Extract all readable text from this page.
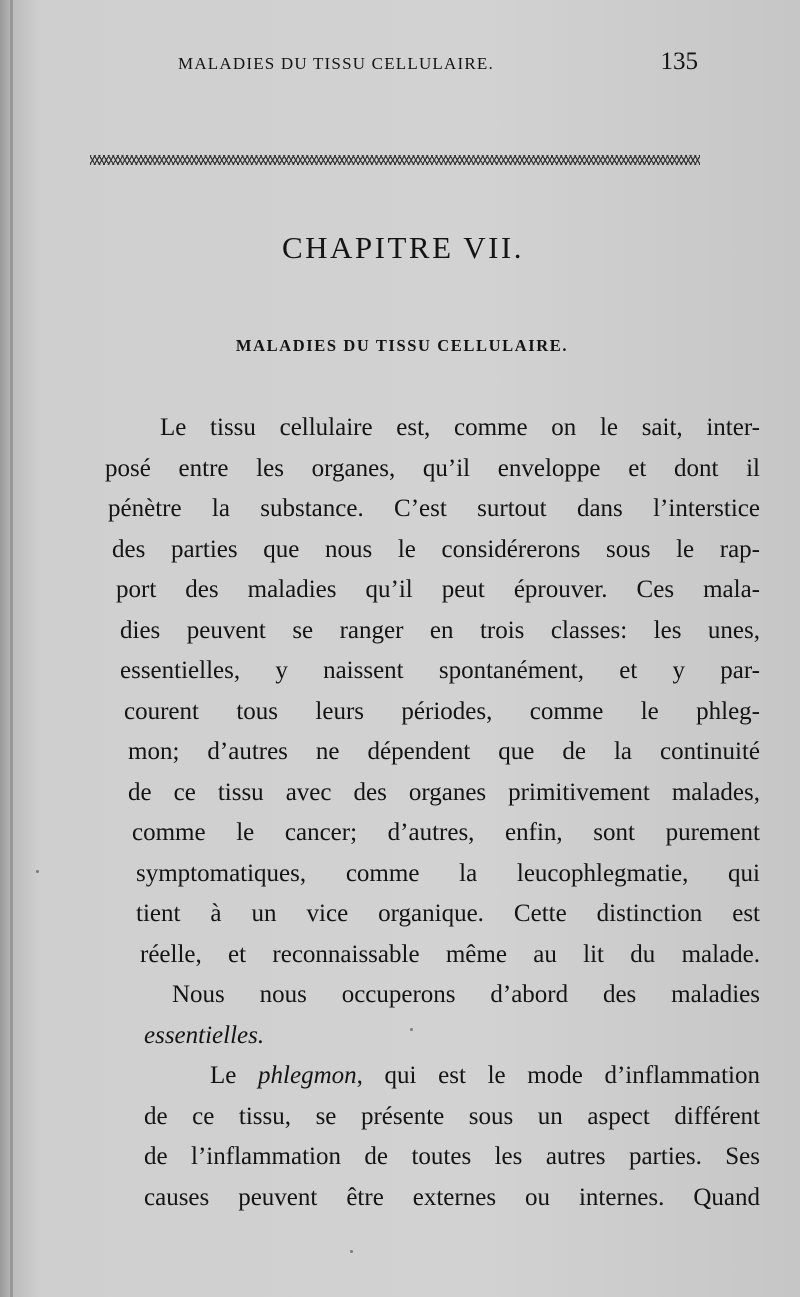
MALADIES DU TISSU CELLULAIRE.	135
CHAPITRE VII.
MALADIES DU TISSU CELLULAIRE.
Le tissu cellulaire est, comme on le sait, inter-
posé entre les organes, qu’il enveloppe et dont il
pénètre la substance. C’est surtout dans l’interstice
des parties que nous le considérerons sous le rap-
port des maladies qu’il peut éprouver. Ces mala-
dies peuvent se ranger en trois classes: les unes,
essentielles, y naissent spontanément, et y par-
courent tous leurs périodes, comme le phleg-
mon; d’autres ne dépendent que de la continuité
de ce tissu avec des organes primitivement malades,
comme le cancer; d’autres, enfin, sont purement
symptomatiques, comme la leucophlegmatie, qui
tient à un vice organique. Cette distinction est
réelle, et reconnaissable même au lit du malade.
Nous nous occuperons d’abord des maladies
essentielles.
Le phlegmon, qui est le mode d’inflammation
de ce tissu, se présente sous un aspect différent
de l’inflammation de toutes les autres parties. Ses
causes peuvent être externes ou internes. Quand
